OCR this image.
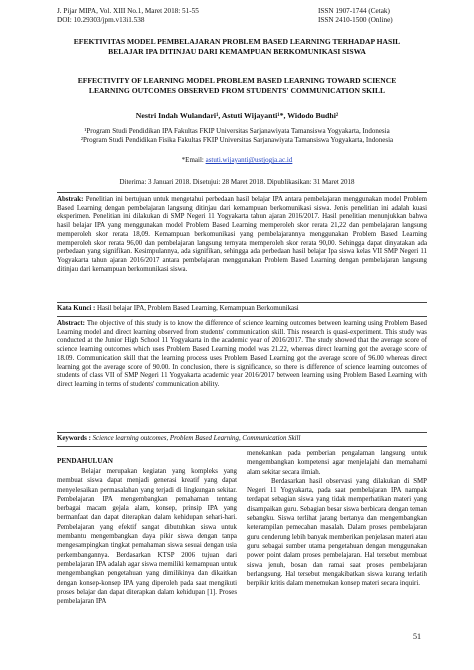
J. Pijar MIPA, Vol. XIII No.1, Maret 2018: 51-55
DOI: 10.29303/jpm.v13i1.538
ISSN 1907-1744 (Cetak)
ISSN 2410-1500 (Online)
EFEKTIVITAS MODEL PEMBELAJARAN PROBLEM BASED LEARNING TERHADAP HASIL
BELAJAR IPA DITINJAU DARI KEMAMPUAN BERKOMUNIKASI SISWA
EFFECTIVITY OF LEARNING MODEL PROBLEM BASED LEARNING TOWARD SCIENCE
LEARNING OUTCOMES OBSERVED FROM STUDENTS' COMMUNICATION SKILL
Nestri Indah Wulandari¹, Astuti Wijayanti¹*, Widodo Budhi²
¹Program Studi Pendidikan IPA Fakultas FKIP Universitas Sarjanawiyata Tamansiswa Yogyakarta, Indonesia
²Program Studi Pendidikan Fisika Fakultas FKIP Universitas Sarjanawiyata Tamansiswa Yogyakarta, Indonesia
*Email: astuti.wijayanti@ustjogja.ac.id
Diterima: 3 Januari 2018. Disetujui: 28 Maret 2018. Dipublikasikan: 31 Maret 2018
Abstrak: Penelitian ini bertujuan untuk mengetahui perbedaan hasil belajar IPA antara pembelajaran menggunakan model Problem Based Learning dengan pembelajaran langsung ditinjau dari kemampuan berkomunikasi siswa. Jenis penelitian ini adalah kuasi eksperimen. Penelitian ini dilakukan di SMP Negeri 11 Yogyakarta tahun ajaran 2016/2017. Hasil penelitian menunjukkan bahwa hasil belajar IPA yang menggunakan model Problem Based Learning memperoleh skor rerata 21,22 dan pembelajaran langsung memperoleh skor rerata 18,09. Kemampuan berkomunikasi yang pembelajarannya menggunakan Problem Based Learning memperoleh skor rerata 96,00 dan pembelajaran langsung ternyata memperoleh skor rerata 90,00. Sehingga dapat dinyatakan ada perbedaan yang signifikan. Kesimpulannya, ada signifikan, sehingga ada perbedaan hasil belajar Ipa siswa kelas VII SMP Negeri 11 Yogyakarta tahun ajaran 2016/2017 antara pembelajaran menggunakan Problem Based Learning dengan pembelajaran langsung ditinjau dari kemampuan berkomunikasi siswa.
Kata Kunci : Hasil belajar IPA, Problem Based Learning, Kemampuan Berkomunikasi
Abstract: The objective of this study is to know the difference of science learning outcomes between learning using Problem Based Learning model and direct learning observed from students' communication skill. This research is quasi-experiment. This study was conducted at the Junior High School 11 Yogyakarta in the academic year of 2016/2017. The study showed that the average score of science learning outcomes which uses Problem Based Learning model was 21.22, whereas direct learning got the average score of 18.09. Communication skill that the learning process uses Problem Based Learning got the average score of 96.00 whereas direct learning got the average score of 90.00. In conclusion, there is significance, so there is difference of science learning outcomes of students of class VII of SMP Negeri 11 Yogyakarta academic year 2016/2017 between learning using Problem Based Learning with direct learning in terms of students' communication ability.
Keywords : Science learning outcomes, Problem Based Learning, Communication Skill
PENDAHULUAN

Belajar merupakan kegiatan yang kompleks yang membuat siswa dapat menjadi generasi kreatif yang dapat menyelesaikan permasalahan yang terjadi di lingkungan sekitar. Pembelajaran IPA mengembangkan pemahaman tentang berbagai macam gejala alam, konsep, prinsip IPA yang bermanfaat dan dapat diterapkan dalam kehidupan sehari-hari. Pembelajaran yang efektif sangat dibutuhkan siswa untuk membantu mengembangkan daya pikir siswa dengan tanpa mengesampingkan tingkat pemahaman siswa sesuai dengan usia perkembangannya. Berdasarkan KTSP 2006 tujuan dari pembelajaran IPA adalah agar siswa memiliki kemampuan untuk mengembangkan pengetahuan yang dimilikinya dan dikaitkan dengan konsep-konsep IPA yang diperoleh pada saat mengikuti proses belajar dan dapat diterapkan dalam kehidupan [1]. Proses pembelajaran IPA

menekankan pada pemberian pengalaman langsung untuk mengembangkan kompetensi agar menjelajahi dan memahami alam sekitar secara ilmiah.

Berdasarkan hasil observasi yang dilakukan di SMP Negeri 11 Yogyakarta, pada saat pembelajaran IPA nampak terdapat sebagian siswa yang tidak memperhatikan materi yang disampaikan guru. Sebagian besar siswa berbicara dengan teman sebangku. Siswa terlihat jarang bertanya dan mengembangkan keterampilan pemecahan masalah. Dalam proses pembelajaran guru cenderung lebih banyak memberikan penjelasan materi atau guru sebagai sumber utama pengetahuan dengan menggunakan power point dalam proses pembelajaran. Hal tersebut membuat siswa jenuh, bosan dan ramai saat proses pembelajaran berlangsung. Hal tersebut mengakibatkan siswa kurang terlatih berpikir kritis dalam menemukan konsep materi secara inquiri.

51
